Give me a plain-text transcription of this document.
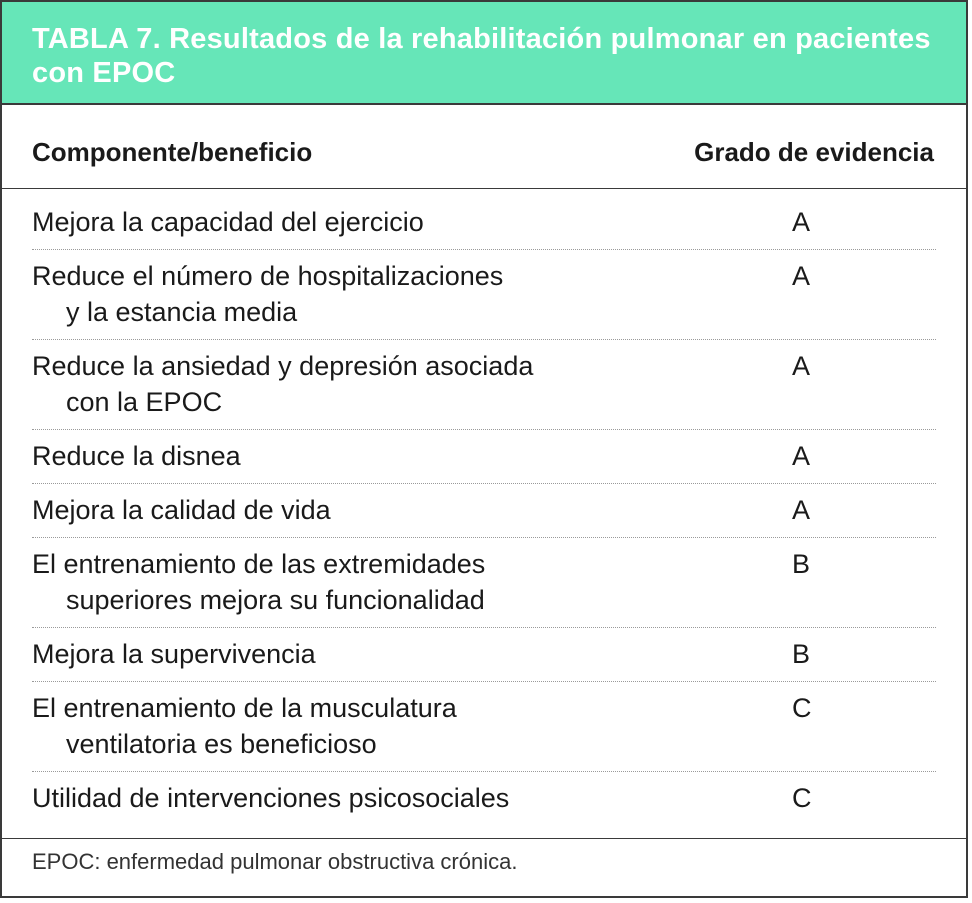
TABLA 7. Resultados de la rehabilitación pulmonar en pacientes
con EPOC
Componente/beneficio	Grado de evidencia
Mejora la capacidad del ejercicio	A
Reduce el número de hospitalizaciones
y la estancia media
A
Reduce la ansiedad y depresión asociada
con la EPOC
A
Reduce la disnea	A
Mejora la calidad de vida	A
El entrenamiento de las extremidades
superiores mejora su funcionalidad
B
Mejora la supervivencia	B
El entrenamiento de la musculatura
ventilatoria es beneficioso
C
Utilidad de intervenciones psicosociales	C
EPOC: enfermedad pulmonar obstructiva crónica.
